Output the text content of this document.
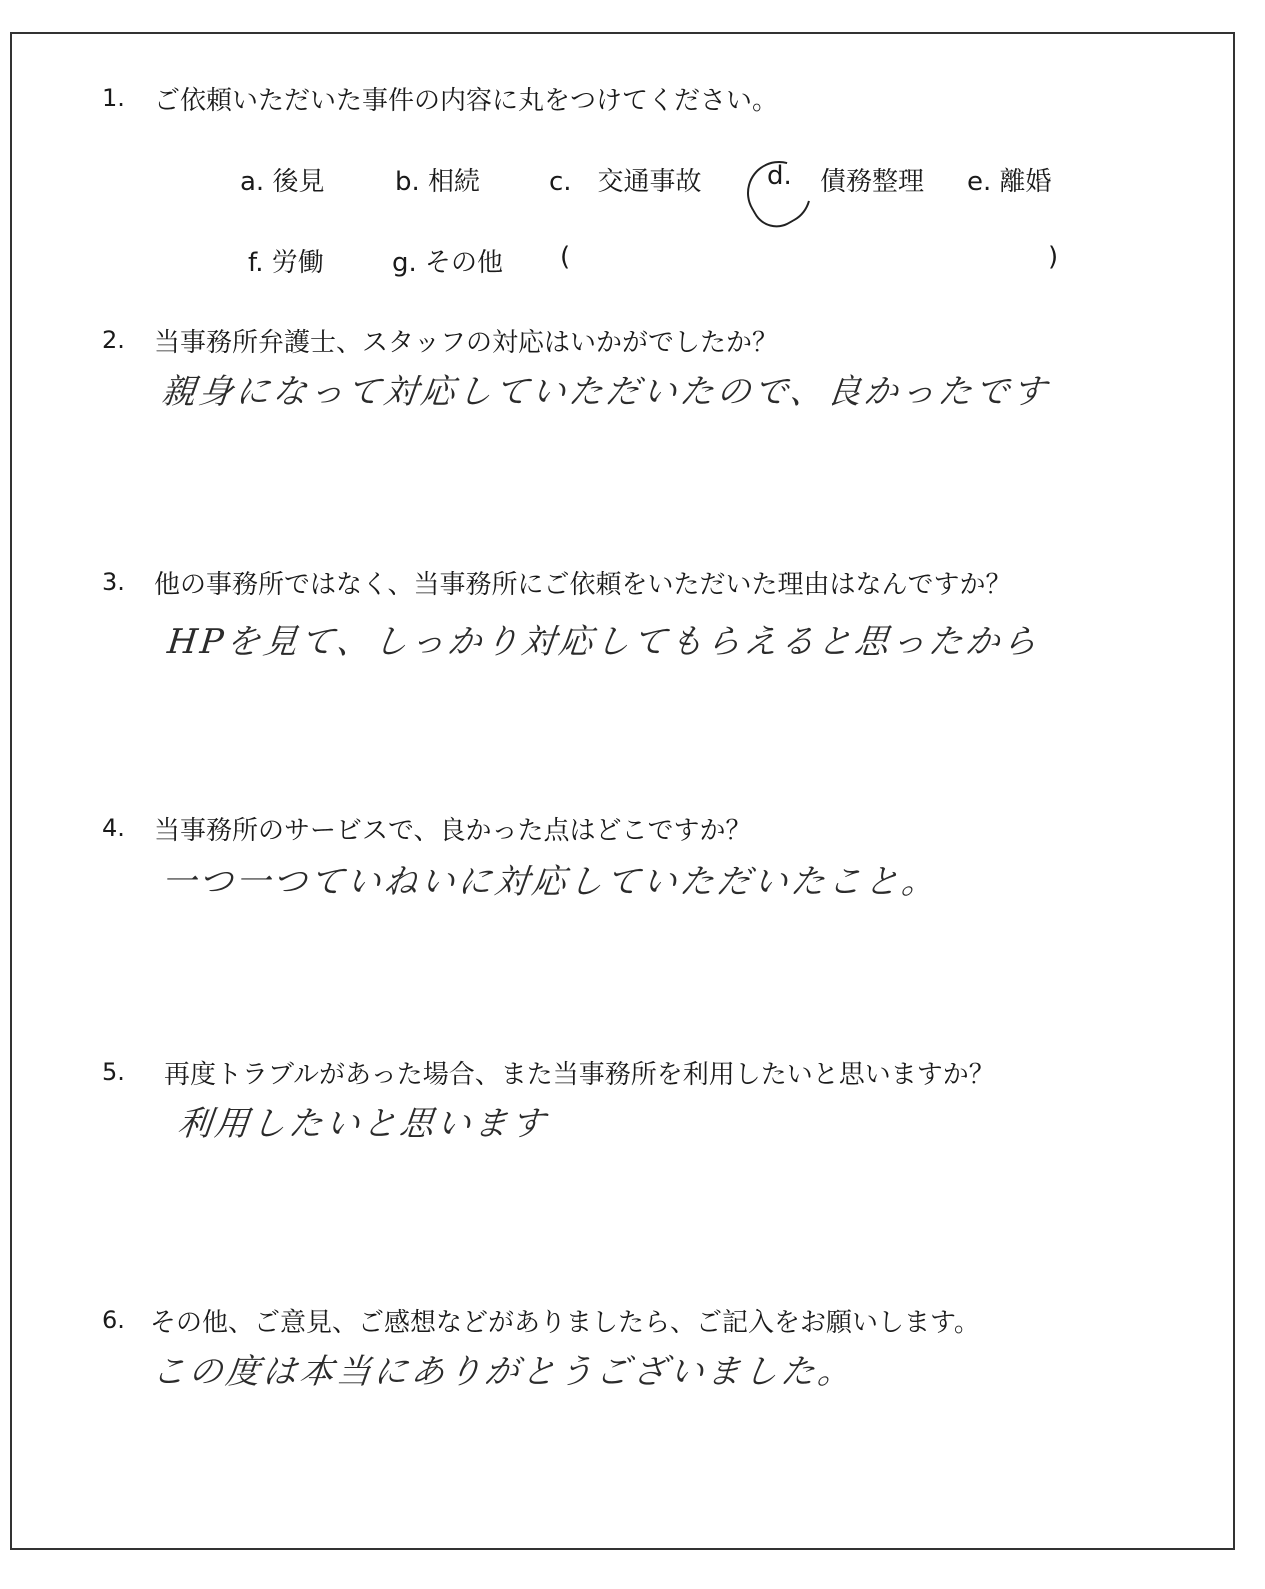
1. ご依頼いただいた事件の内容に丸をつけてください。
a. 後見	b. 相続	c.　交通事故	d. 債務整理 e. 離婚
f. 労働	g. その他 (	)
2. 当事務所弁護士、スタッフの対応はいかがでしたか？
親身になって対応していただいたので、良かったです
3. 他の事務所ではなく、当事務所にご依頼をいただいた理由はなんですか？
HPを見て、しっかり対応してもらえると思ったから
4. 当事務所のサービスで、良かった点はどこですか？
一つ一つていねいに対応していただいたこと。
5. 再度トラブルがあった場合、また当事務所を利用したいと思いますか？
利用したいと思います
6. その他、ご意見、ご感想などがありましたら、ご記入をお願いします。
この度は本当にありがとうございました。
